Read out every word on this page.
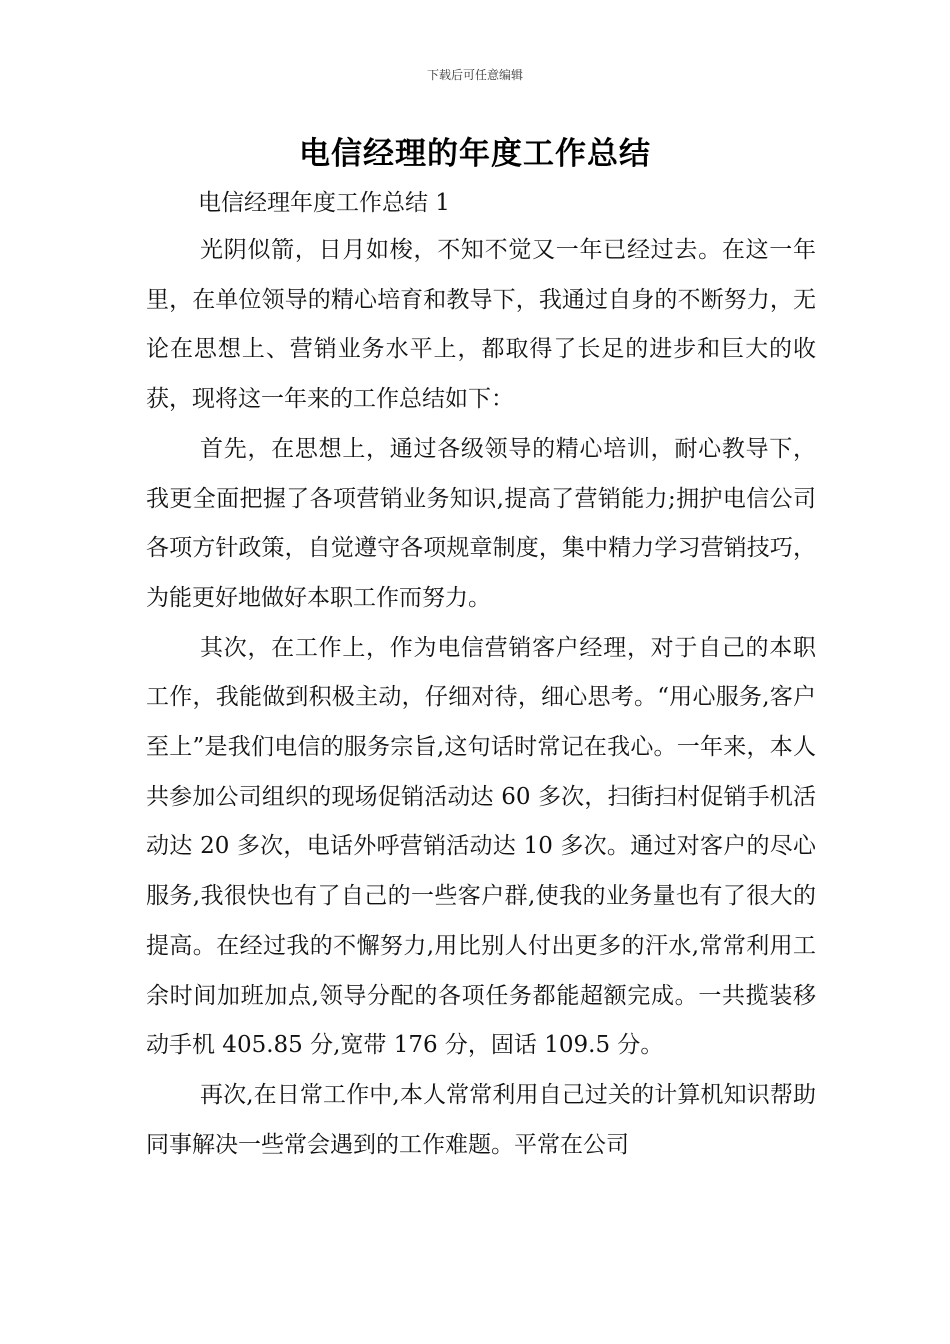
下载后可任意编辑
电信经理的年度工作总结
电信经理年度工作总结 1

光阴似箭，日月如梭，不知不觉又一年已经过去。在这一年里，在单位领导的精心培育和教导下，我通过自身的不断努力，无论在思想上、营销业务水平上，都取得了长足的进步和巨大的收获，现将这一年来的工作总结如下：

首先，在思想上，通过各级领导的精心培训，耐心教导下，我更全面把握了各项营销业务知识,提高了营销能力;拥护电信公司各项方针政策，自觉遵守各项规章制度，集中精力学习营销技巧，为能更好地做好本职工作而努力。

其次，在工作上，作为电信营销客户经理，对于自己的本职工作，我能做到积极主动，仔细对待，细心思考。“用心服务,客户至上”是我们电信的服务宗旨,这句话时常记在我心。一年来，本人共参加公司组织的现场促销活动达 60 多次，扫街扫村促销手机活动达 20 多次，电话外呼营销活动达 10 多次。通过对客户的尽心服务,我很快也有了自己的一些客户群,使我的业务量也有了很大的提高。在经过我的不懈努力,用比别人付出更多的汗水,常常利用工余时间加班加点,领导分配的各项任务都能超额完成。一共揽装移动手机 405.85 分,宽带 176 分，固话 109.5 分。

再次,在日常工作中,本人常常利用自己过关的计算机知识帮助同事解决一些常会遇到的工作难题。平常在公司
